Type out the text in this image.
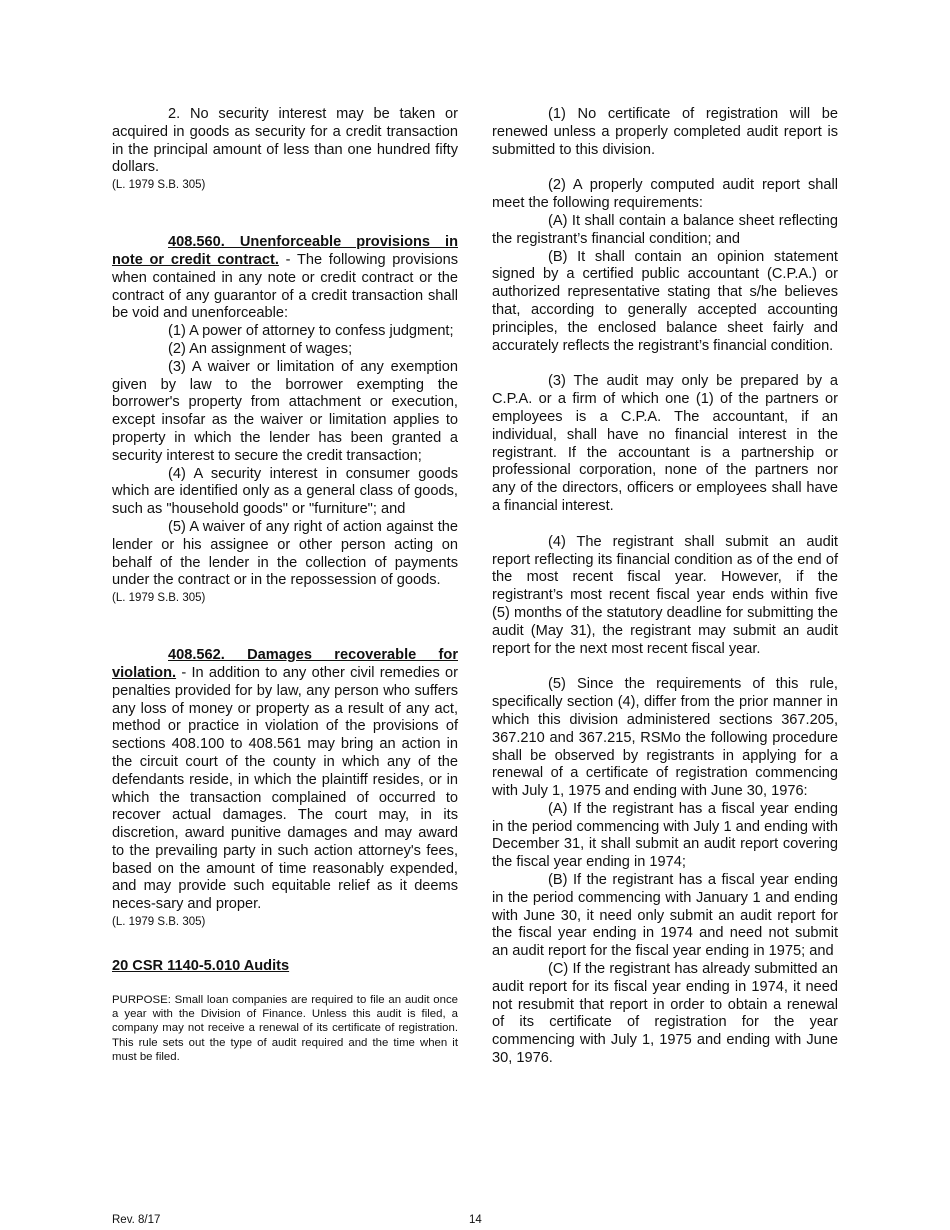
2. No security interest may be taken or acquired in goods as security for a credit transaction in the principal amount of less than one hundred fifty dollars.

(L. 1979 S.B. 305)

408.560. Unenforceable provisions in note or credit contract. - The following provisions when contained in any note or credit contract or the contract of any guarantor of a credit transaction shall be void and unenforceable:

(1) A power of attorney to confess judgment;

(2) An assignment of wages;

(3) A waiver or limitation of any exemption given by law to the borrower exempting the borrower's property from attachment or execution, except insofar as the waiver or limitation applies to property in which the lender has been granted a security interest to secure the credit transaction;

(4) A security interest in consumer goods which are identified only as a general class of goods, such as "household goods" or "furniture"; and

(5) A waiver of any right of action against the lender or his assignee or other person acting on behalf of the lender in the collection of payments under the contract or in the repossession of goods.

(L. 1979 S.B. 305)

408.562. Damages recoverable for violation. - In addition to any other civil remedies or penalties provided for by law, any person who suffers any loss of money or property as a result of any act, method or practice in violation of the provisions of sections 408.100 to 408.561 may bring an action in the circuit court of the county in which any of the defendants reside, in which the plaintiff resides, or in which the transaction complained of occurred to recover actual damages. The court may, in its discretion, award punitive damages and may award to the prevailing party in such action attorney's fees, based on the amount of time reasonably expended, and may provide such equitable relief as it deems neces-sary and proper.

(L. 1979 S.B. 305)

20 CSR 1140-5.010 Audits

PURPOSE: Small loan companies are required to file an audit once a year with the Division of Finance. Unless this audit is filed, a company may not receive a renewal of its certificate of registration. This rule sets out the type of audit required and the time when it must be filed.

(1) No certificate of registration will be renewed unless a properly completed audit report is submitted to this division.

(2) A properly computed audit report shall meet the following requirements:

(A) It shall contain a balance sheet reflecting the registrant’s financial condition; and

(B) It shall contain an opinion statement signed by a certified public accountant (C.P.A.) or authorized representative stating that s/he believes that, according to generally accepted accounting principles, the enclosed balance sheet fairly and accurately reflects the registrant’s financial condition.

(3) The audit may only be prepared by a C.P.A. or a firm of which one (1) of the partners or employees is a C.P.A. The accountant, if an individual, shall have no financial interest in the registrant. If the accountant is a partnership or professional corporation, none of the partners nor any of the directors, officers or employees shall have a financial interest.

(4) The registrant shall submit an audit report reflecting its financial condition as of the end of the most recent fiscal year. However, if the registrant’s most recent fiscal year ends within five (5) months of the statutory deadline for submitting the audit (May 31), the registrant may submit an audit report for the next most recent fiscal year.

(5) Since the requirements of this rule, specifically section (4), differ from the prior manner in which this division administered sections 367.205, 367.210 and 367.215, RSMo the following procedure shall be observed by registrants in applying for a renewal of a certificate of registration commencing with July 1, 1975 and ending with June 30, 1976:

(A) If the registrant has a fiscal year ending in the period commencing with July 1 and ending with December 31, it shall submit an audit report covering the fiscal year ending in 1974;

(B) If the registrant has a fiscal year ending in the period commencing with January 1 and ending with June 30, it need only submit an audit report for the fiscal year ending in 1974 and need not submit an audit report for the fiscal year ending in 1975; and

(C) If the registrant has already submitted an audit report for its fiscal year ending in 1974, it need not resubmit that report in order to obtain a renewal of its certificate of registration for the year commencing with July 1, 1975 and ending with June 30, 1976.

Rev. 8/17	14
